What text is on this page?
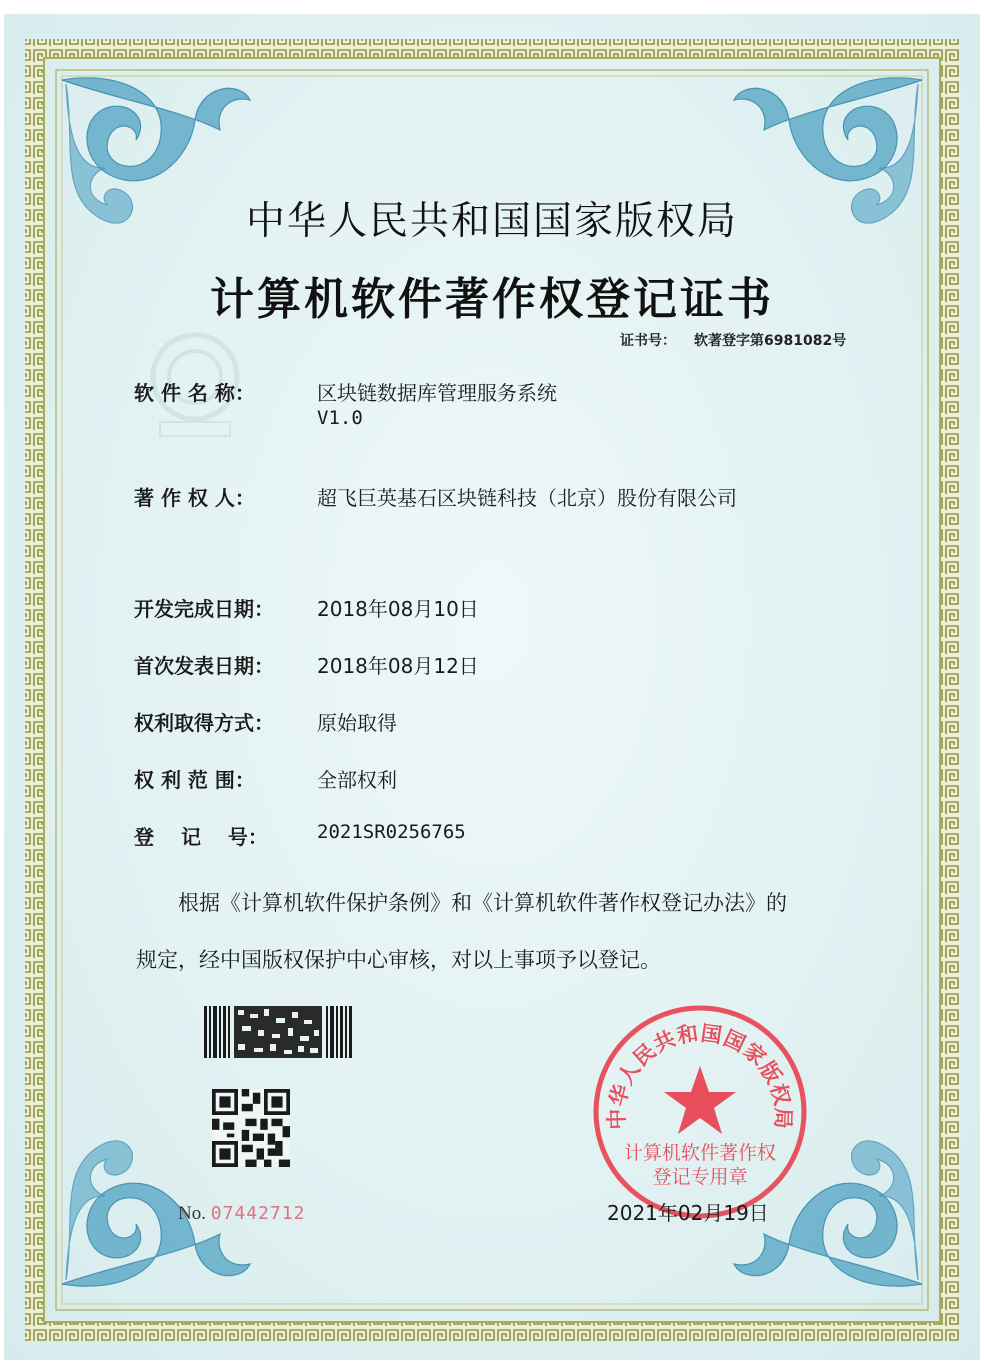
中华人民共和国国家版权局
计算机软件著作权登记证书
证书号： 软著登字第6981082号
软 件 名 称：	区块链数据库管理服务系统
V1.0
著 作 权 人：	超飞巨英基石区块链科技（北京）股份有限公司
开发完成日期： 2018年08月10日
首次发表日期： 2018年08月12日
权利取得方式： 原始取得
权 利 范 围：	全部权利
登　 记　 号：	2021SR0256765
根据《计算机软件保护条例》和《计算机软件著作权登记办法》的
规定，经中国版权保护中心审核，对以上事项予以登记。
No. 07442712
中华人民共和国国家版权局
计算机软件著作权
登记专用章
2021年02月19日
